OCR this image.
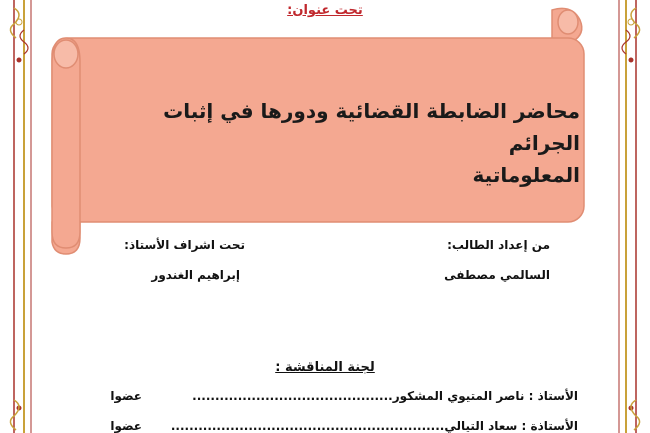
تحت عنوان:
محاضر الضابطة القضائية ودورها في إثبات الجرائم
المعلوماتية
من إعداد الطالب:
السالمي مصطفى
تحت اشراف الأستاذ:
إبراهيم الغندور
لجنة المناقشة :
الأستاذ : ناصر المتيوي المشكور............................................
عضوا
الأستاذة : سعاد التيالي............................................................
عضوا
